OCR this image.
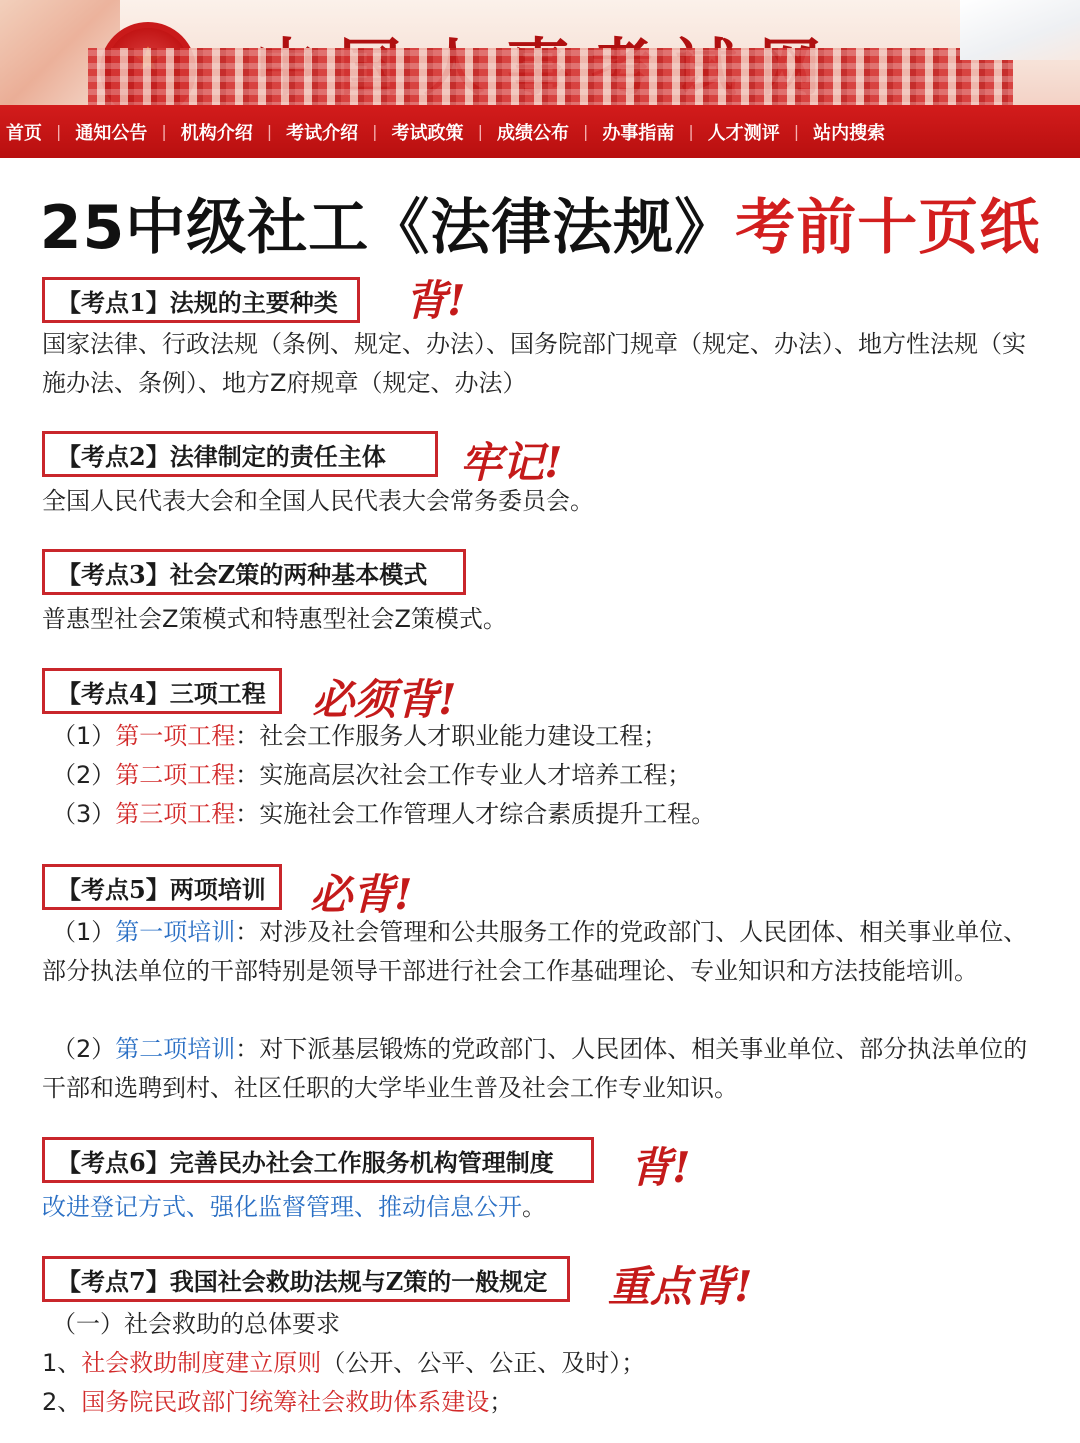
★
首页 | 通知公告 | 机构介绍 | 考试介绍 | 考试政策 | 成绩公布 | 办事指南 | 人才测评 | 站内搜索
25中级社工《法律法规》考前十页纸
【考点1】法规的主要种类	背!
国家法律、行政法规（条例、规定、办法）、国务院部门规章（规定、办法）、地方性法规（实施办法、条例）、地方Z府规章（规定、办法）
【考点2】法律制定的责任主体	牢记!
全国人民代表大会和全国人民代表大会常务委员会。
【考点3】社会Z策的两种基本模式
普惠型社会Z策模式和特惠型社会Z策模式。
【考点4】三项工程	必须背!
（1）第一项工程：社会工作服务人才职业能力建设工程；
（2）第二项工程：实施高层次社会工作专业人才培养工程；
（3）第三项工程：实施社会工作管理人才综合素质提升工程。
【考点5】两项培训	必背!
（1）第一项培训：对涉及社会管理和公共服务工作的党政部门、人民团体、相关事业单位、部分执法单位的干部特别是领导干部进行社会工作基础理论、专业知识和方法技能培训。
（2）第二项培训：对下派基层锻炼的党政部门、人民团体、相关事业单位、部分执法单位的干部和选聘到村、社区任职的大学毕业生普及社会工作专业知识。
【考点6】完善民办社会工作服务机构管理制度	背!
改进登记方式、强化监督管理、推动信息公开。
【考点7】我国社会救助法规与Z策的一般规定	重点背!
（一）社会救助的总体要求
1、社会救助制度建立原则（公开、公平、公正、及时）；
2、国务院民政部门统筹社会救助体系建设；
